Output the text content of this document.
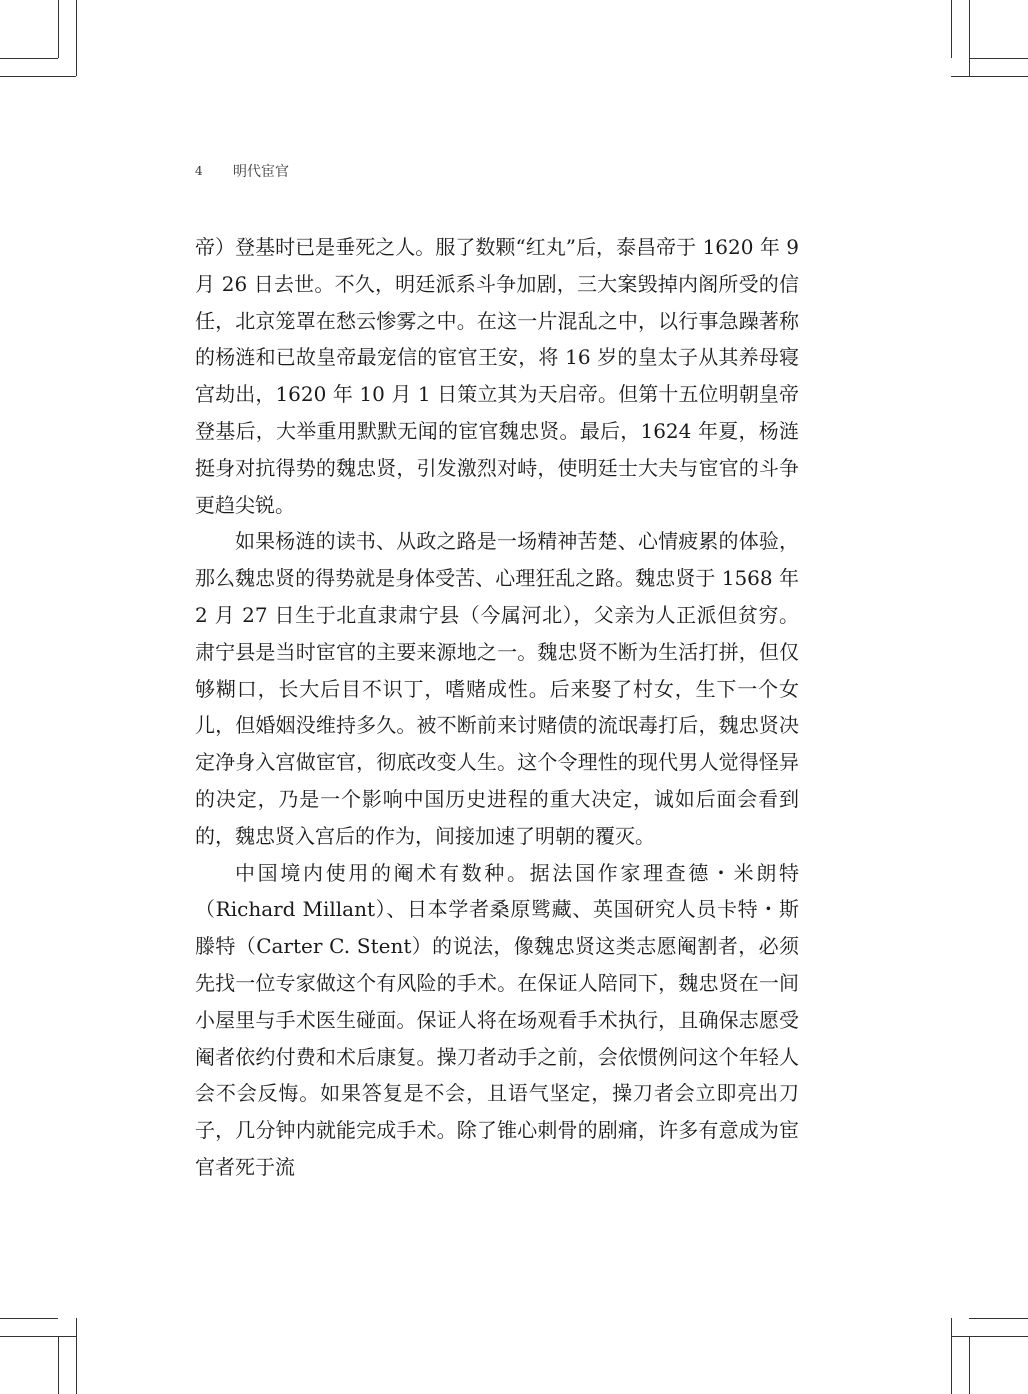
4	明代宦官

帝）登基时已是垂死之人。服了数颗“红丸”后，泰昌帝于 1620 年 9 月 26 日去世。不久，明廷派系斗争加剧，三大案毁掉内阁所受的信任，北京笼罩在愁云惨雾之中。在这一片混乱之中，以行事急躁著称的杨涟和已故皇帝最宠信的宦官王安，将 16 岁的皇太子从其养母寝宫劫出，1620 年 10 月 1 日策立其为天启帝。但第十五位明朝皇帝登基后，大举重用默默无闻的宦官魏忠贤。最后，1624 年夏，杨涟挺身对抗得势的魏忠贤，引发激烈对峙，使明廷士大夫与宦官的斗争更趋尖锐。

如果杨涟的读书、从政之路是一场精神苦楚、心情疲累的体验，那么魏忠贤的得势就是身体受苦、心理狂乱之路。魏忠贤于 1568 年 2 月 27 日生于北直隶肃宁县（今属河北），父亲为人正派但贫穷。肃宁县是当时宦官的主要来源地之一。魏忠贤不断为生活打拼，但仅够糊口，长大后目不识丁，嗜赌成性。后来娶了村女，生下一个女儿，但婚姻没维持多久。被不断前来讨赌债的流氓毒打后，魏忠贤决定净身入宫做宦官，彻底改变人生。这个令理性的现代男人觉得怪异的决定，乃是一个影响中国历史进程的重大决定，诚如后面会看到的，魏忠贤入宫后的作为，间接加速了明朝的覆灭。

中国境内使用的阉术有数种。据法国作家理查德・米朗特（Richard Millant）、日本学者桑原骘藏、英国研究人员卡特・斯滕特（Carter C. Stent）的说法，像魏忠贤这类志愿阉割者，必须先找一位专家做这个有风险的手术。在保证人陪同下，魏忠贤在一间小屋里与手术医生碰面。保证人将在场观看手术执行，且确保志愿受阉者依约付费和术后康复。操刀者动手之前，会依惯例问这个年轻人会不会反悔。如果答复是不会，且语气坚定，操刀者会立即亮出刀子，几分钟内就能完成手术。除了锥心刺骨的剧痛，许多有意成为宦官者死于流
